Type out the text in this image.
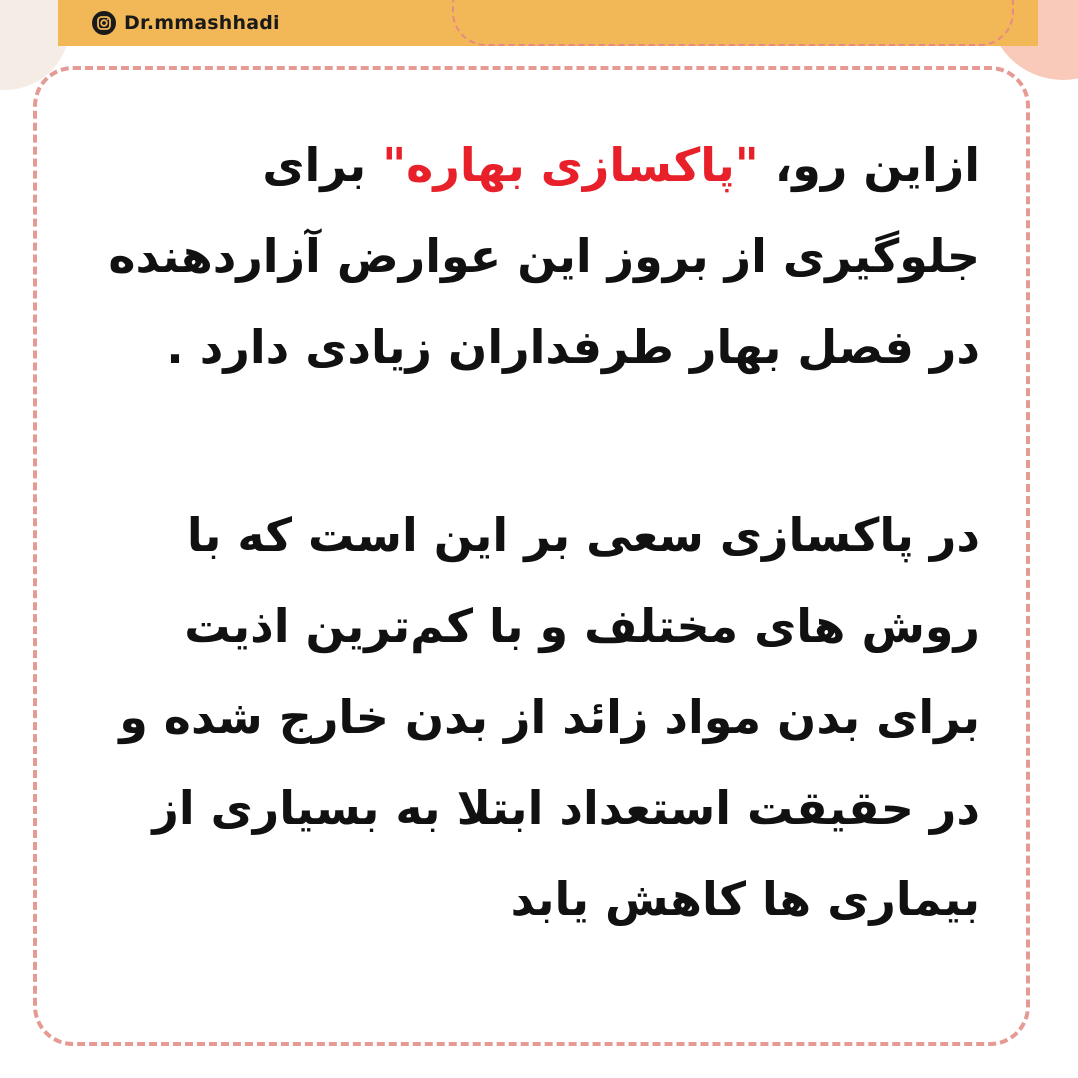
Dr.mmashhadi

ازاین رو، "پاکسازی بهاره" برای جلوگیری از بروز این عوارض آزاردهنده در فصل بهار طرفداران زیادی دارد .

در پاکسازی سعی بر این است که با روش های مختلف و با کم‌ترین اذیت برای بدن مواد زائد از بدن خارج شده و در حقیقت استعداد ابتلا به بسیاری از بیماری ها کاهش یابد
